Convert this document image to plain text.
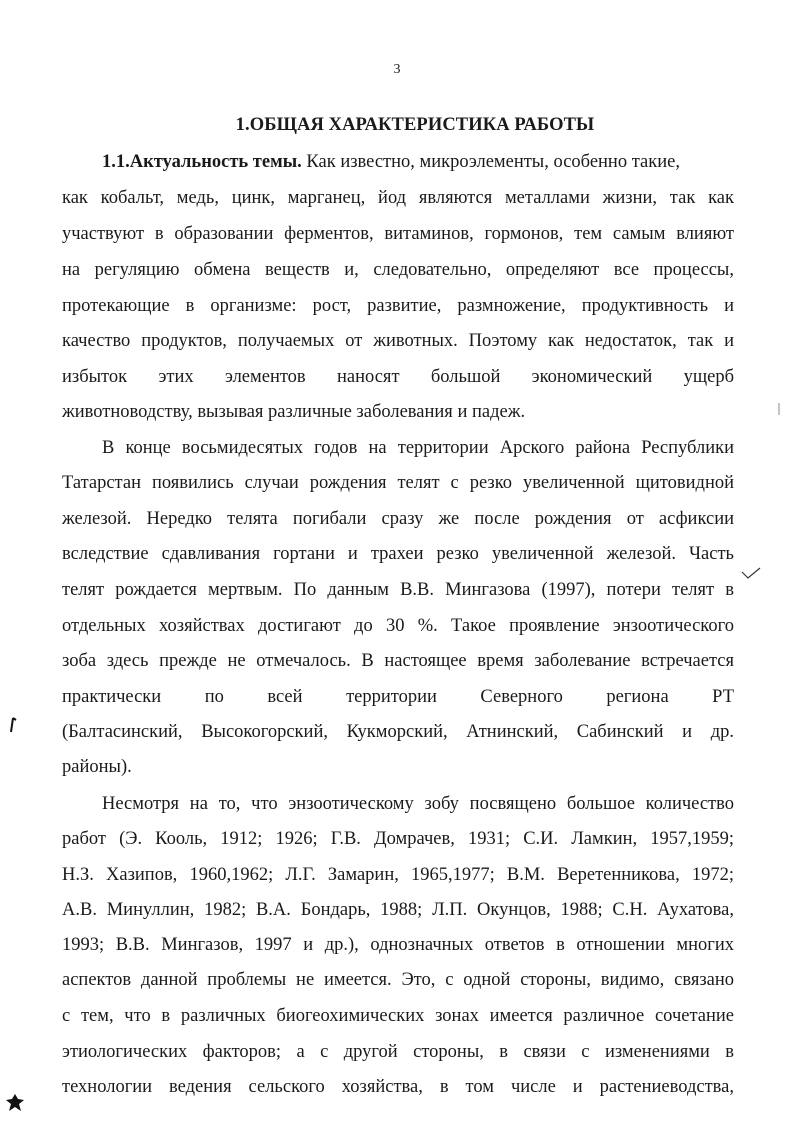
3
1.ОБЩАЯ ХАРАКТЕРИСТИКА РАБОТЫ
1.1.Актуальность темы. Как известно, микроэлементы, особенно такие,
как кобальт, медь, цинк, марганец, йод являются металлами жизни, так как
участвуют в образовании ферментов, витаминов, гормонов, тем самым влияют
на регуляцию обмена веществ и, следовательно, определяют все процессы,
протекающие в организме: рост, развитие, размножение, продуктивность и
качество продуктов, получаемых от животных. Поэтому как недостаток, так и
избыток этих элементов наносят большой экономический ущерб
животноводству, вызывая различные заболевания и падеж.
В конце восьмидесятых годов на территории Арского района Республики
Татарстан появились случаи рождения телят с резко увеличенной щитовидной
железой. Нередко телята погибали сразу же после рождения от асфиксии
вследствие сдавливания гортани и трахеи резко увеличенной железой. Часть
телят рождается мертвым. По данным В.В. Мингазова (1997), потери телят в
отдельных хозяйствах достигают до 30 %. Такое проявление энзоотического
зоба здесь прежде не отмечалось. В настоящее время заболевание встречается
практически по всей территории Северного региона РТ
(Балтасинский, Высокогорский, Кукморский, Атнинский, Сабинский и др.
районы).
Несмотря на то, что энзоотическому зобу посвящено большое количество
работ (Э. Кооль, 1912; 1926; Г.В. Домрачев, 1931; С.И. Ламкин, 1957,1959;
Н.З. Хазипов, 1960,1962; Л.Г. Замарин, 1965,1977; В.М. Веретенникова, 1972;
А.В. Минуллин, 1982; В.А. Бондарь, 1988; Л.П. Окунцов, 1988; С.Н. Аухатова,
1993; В.В. Мингазов, 1997 и др.), однозначных ответов в отношении многих
аспектов данной проблемы не имеется. Это, с одной стороны, видимо, связано
с тем, что в различных биогеохимических зонах имеется различное сочетание
этиологических факторов; а с другой стороны, в связи с изменениями в
технологии ведения сельского хозяйства, в том числе и растениеводства,
